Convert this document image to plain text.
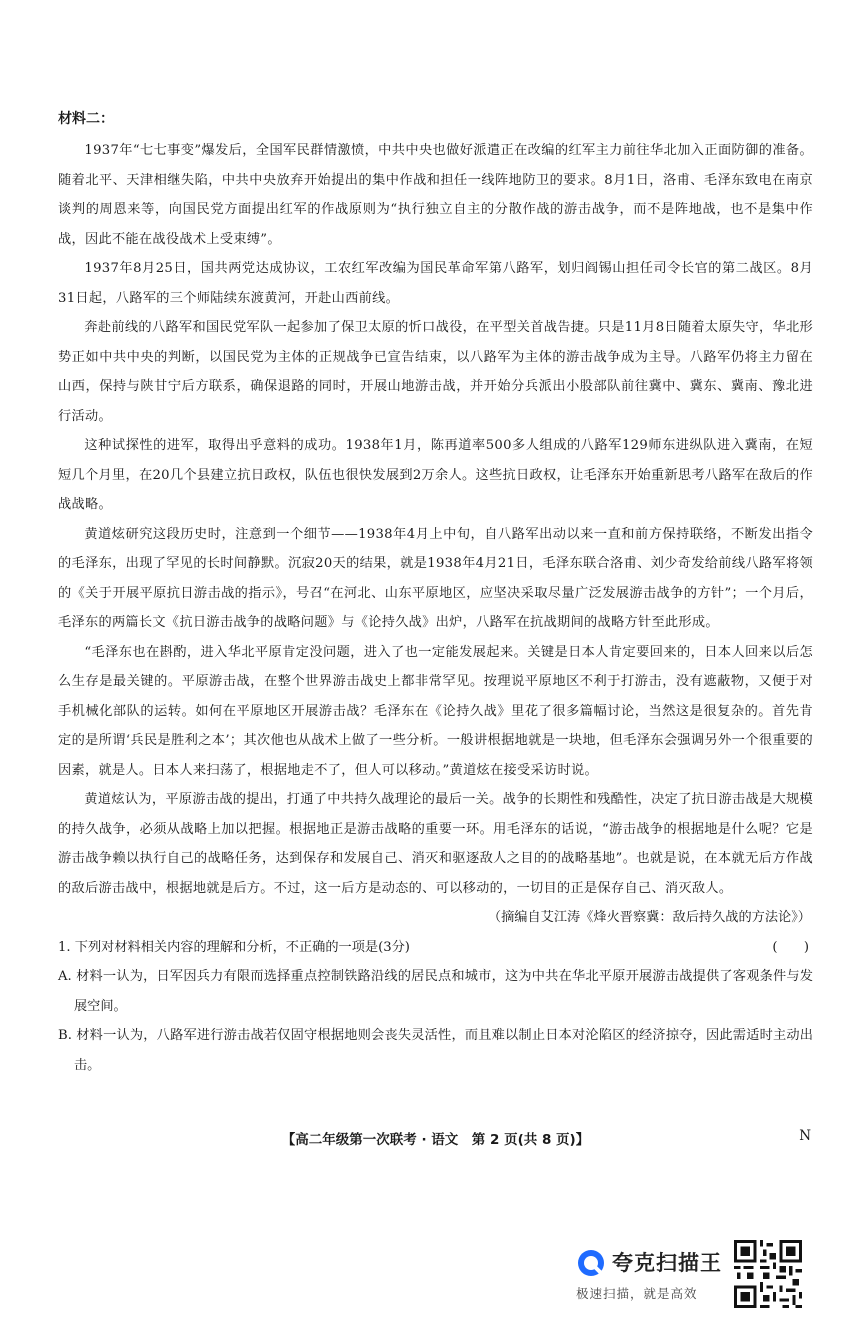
材料二：

1937年“七七事变”爆发后，全国军民群情激愤，中共中央也做好派遣正在改编的红军主力前往华北加入正面防御的准备。随着北平、天津相继失陷，中共中央放弃开始提出的集中作战和担任一线阵地防卫的要求。8月1日，洛甫、毛泽东致电在南京谈判的周恩来等，向国民党方面提出红军的作战原则为“执行独立自主的分散作战的游击战争，而不是阵地战，也不是集中作战，因此不能在战役战术上受束缚”。

1937年8月25日，国共两党达成协议，工农红军改编为国民革命军第八路军，划归阎锡山担任司令长官的第二战区。8月31日起，八路军的三个师陆续东渡黄河，开赴山西前线。

奔赴前线的八路军和国民党军队一起参加了保卫太原的忻口战役，在平型关首战告捷。只是11月8日随着太原失守，华北形势正如中共中央的判断，以国民党为主体的正规战争已宣告结束，以八路军为主体的游击战争成为主导。八路军仍将主力留在山西，保持与陕甘宁后方联系，确保退路的同时，开展山地游击战，并开始分兵派出小股部队前往冀中、冀东、冀南、豫北进行活动。

这种试探性的进军，取得出乎意料的成功。1938年1月，陈再道率500多人组成的八路军129师东进纵队进入冀南，在短短几个月里，在20几个县建立抗日政权，队伍也很快发展到2万余人。这些抗日政权，让毛泽东开始重新思考八路军在敌后的作战战略。

黄道炫研究这段历史时，注意到一个细节——1938年4月上中旬，自八路军出动以来一直和前方保持联络，不断发出指令的毛泽东，出现了罕见的长时间静默。沉寂20天的结果，就是1938年4月21日，毛泽东联合洛甫、刘少奇发给前线八路军将领的《关于开展平原抗日游击战的指示》，号召“在河北、山东平原地区，应坚决采取尽量广泛发展游击战争的方针”；一个月后，毛泽东的两篇长文《抗日游击战争的战略问题》与《论持久战》出炉，八路军在抗战期间的战略方针至此形成。

“毛泽东也在斟酌，进入华北平原肯定没问题，进入了也一定能发展起来。关键是日本人肯定要回来的，日本人回来以后怎么生存是最关键的。平原游击战，在整个世界游击战史上都非常罕见。按理说平原地区不利于打游击，没有遮蔽物，又便于对手机械化部队的运转。如何在平原地区开展游击战？毛泽东在《论持久战》里花了很多篇幅讨论，当然这是很复杂的。首先肯定的是所谓‘兵民是胜利之本’；其次他也从战术上做了一些分析。一般讲根据地就是一块地，但毛泽东会强调另外一个很重要的因素，就是人。日本人来扫荡了，根据地走不了，但人可以移动。”黄道炫在接受采访时说。

黄道炫认为，平原游击战的提出，打通了中共持久战理论的最后一关。战争的长期性和残酷性，决定了抗日游击战是大规模的持久战争，必须从战略上加以把握。根据地正是游击战略的重要一环。用毛泽东的话说，“游击战争的根据地是什么呢？它是游击战争赖以执行自己的战略任务，达到保存和发展自己、消灭和驱逐敌人之目的的战略基地”。也就是说，在本就无后方作战的敌后游击战中，根据地就是后方。不过，这一后方是动态的、可以移动的，一切目的正是保存自己、消灭敌人。

（摘编自艾江涛《烽火晋察冀：敌后持久战的方法论》）

1. 下列对材料相关内容的理解和分析，不正确的一项是(3分)	(　　)

A. 材料一认为，日军因兵力有限而选择重点控制铁路沿线的居民点和城市，这为中共在华北平原开展游击战提供了客观条件与发展空间。

B. 材料一认为，八路军进行游击战若仅固守根据地则会丧失灵活性，而且难以制止日本对沦陷区的经济掠夺，因此需适时主动出击。

【高二年级第一次联考 · 语文　第 2 页(共 8 页)】	N
夸克扫描王
极速扫描，就是高效
